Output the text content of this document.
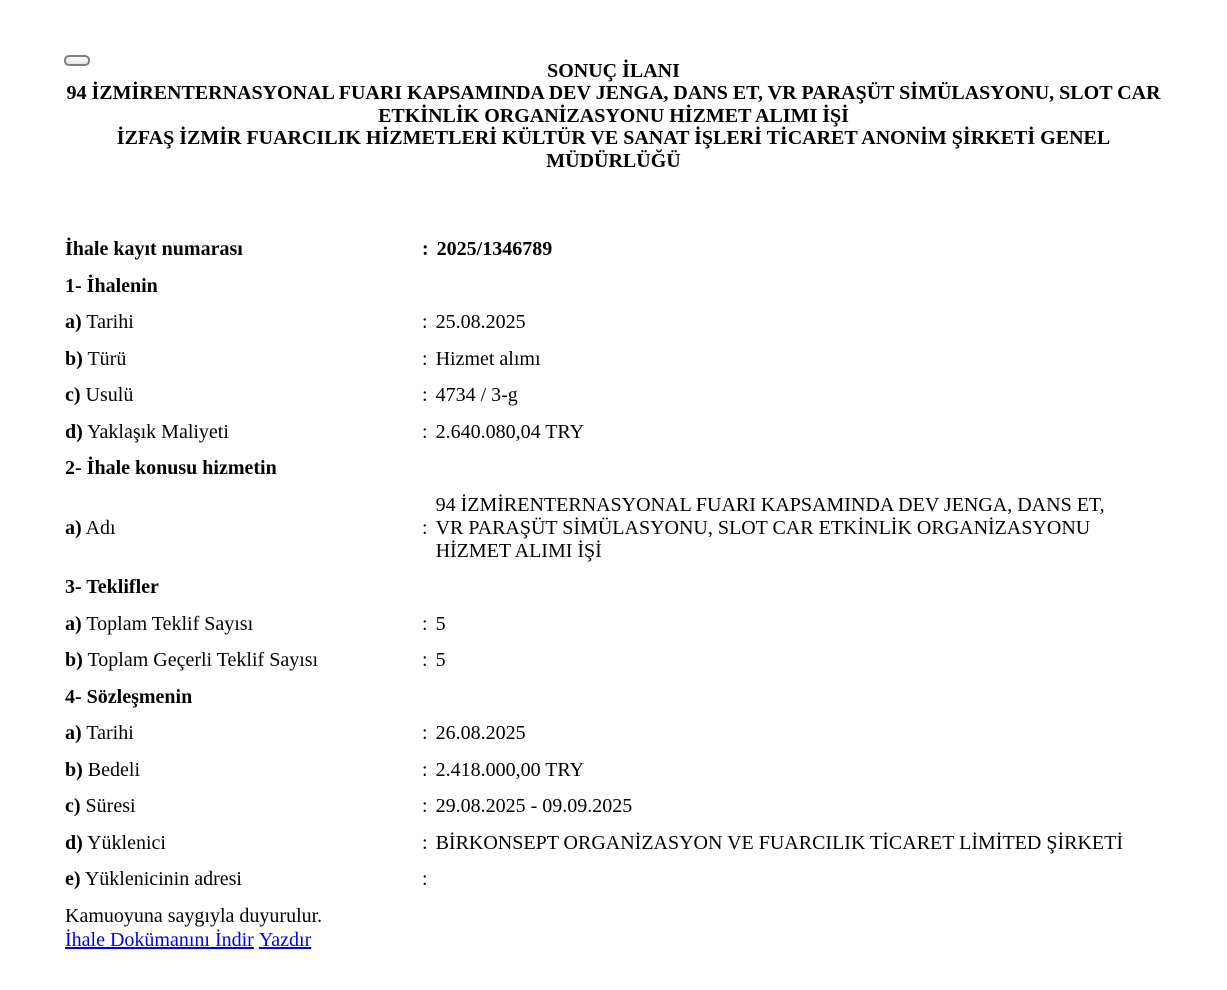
SONUÇ İLANI
94 İZMİRENTERNASYONAL FUARI KAPSAMINDA DEV JENGA, DANS ET, VR PARAŞÜT SİMÜLASYONU, SLOT CAR ETKİNLİK ORGANİZASYONU HİZMET ALIMI İŞİ
İZFAŞ İZMİR FUARCILIK HİZMETLERİ KÜLTÜR VE SANAT İŞLERİ TİCARET ANONİM ŞİRKETİ GENEL MÜDÜRLÜĞÜ
İhale kayıt numarası	: 2025/1346789
1- İhalenin
a) Tarihi	: 25.08.2025
b) Türü	: Hizmet alımı
c) Usulü	: 4734 / 3-g
d) Yaklaşık Maliyeti	: 2.640.080,04 TRY
2- İhale konusu hizmetin
a) Adı	:
94 İZMİRENTERNASYONAL FUARI KAPSAMINDA DEV JENGA, DANS ET, VR PARAŞÜT SİMÜLASYONU, SLOT CAR ETKİNLİK ORGANİZASYONU HİZMET ALIMI İŞİ
3- Teklifler
a) Toplam Teklif Sayısı	: 5
b) Toplam Geçerli Teklif Sayısı	: 5
4- Sözleşmenin
a) Tarihi	: 26.08.2025
b) Bedeli	: 2.418.000,00 TRY
c) Süresi	: 29.08.2025 - 09.09.2025
d) Yüklenici	: BİRKONSEPT ORGANİZASYON VE FUARCILIK TİCARET LİMİTED ŞİRKETİ
e) Yüklenicinin adresi	:
Kamuoyuna saygıyla duyurulur.
İhale Dokümanını İndir Yazdır
